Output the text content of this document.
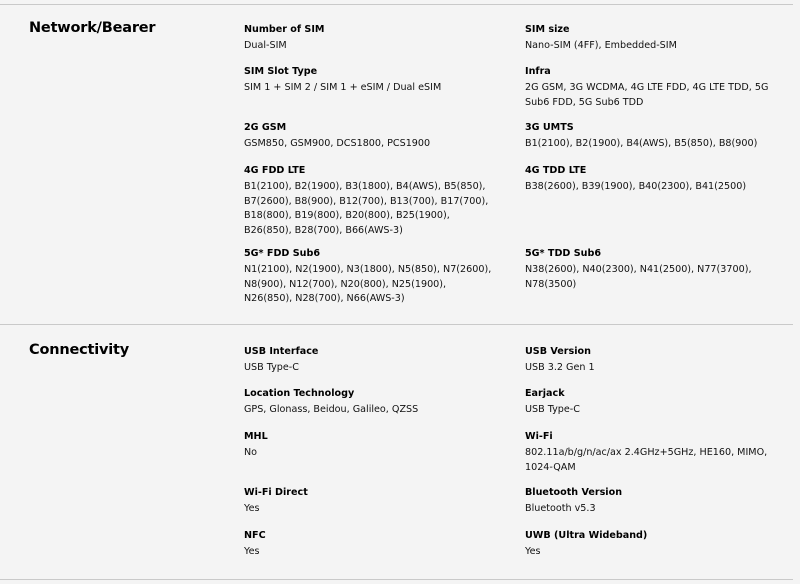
Network/Bearer	Number of SIM
Dual-SIM
SIM size
Nano-SIM (4FF), Embedded-SIM
SIM Slot Type
SIM 1 + SIM 2 / SIM 1 + eSIM / Dual eSIM
Infra
2G GSM, 3G WCDMA, 4G LTE FDD, 4G LTE TDD, 5G Sub6 FDD, 5G Sub6 TDD
2G GSM
GSM850, GSM900, DCS1800, PCS1900
3G UMTS
B1(2100), B2(1900), B4(AWS), B5(850), B8(900)
4G FDD LTE
B1(2100), B2(1900), B3(1800), B4(AWS), B5(850), B7(2600), B8(900), B12(700), B13(700), B17(700), B18(800), B19(800), B20(800), B25(1900), B26(850), B28(700), B66(AWS-3)
4G TDD LTE
B38(2600), B39(1900), B40(2300), B41(2500)
5G* FDD Sub6
N1(2100), N2(1900), N3(1800), N5(850), N7(2600), N8(900), N12(700), N20(800), N25(1900), N26(850), N28(700), N66(AWS-3)
5G* TDD Sub6
N38(2600), N40(2300), N41(2500), N77(3700), N78(3500)
Connectivity	USB Interface
USB Type-C
USB Version
USB 3.2 Gen 1
Location Technology
GPS, Glonass, Beidou, Galileo, QZSS
Earjack
USB Type-C
MHL
No
Wi-Fi
802.11a/b/g/n/ac/ax 2.4GHz+5GHz, HE160, MIMO, 1024-QAM
Wi-Fi Direct
Yes
Bluetooth Version
Bluetooth v5.3
NFC
Yes
UWB (Ultra Wideband)
Yes
